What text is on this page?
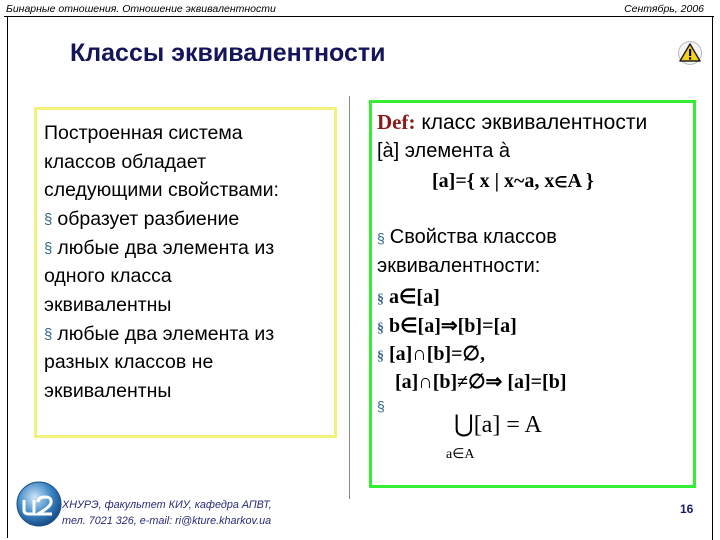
Бинарные отношения. Отношение эквивалентности	Сентябрь, 2006
Классы эквивалентности
Построенная система
классов обладает
следующими свойствами:
§ образует разбиение
§ любые два элемента из
одного класса
эквивалентны
§ любые два элемента из
разных классов не
эквивалентны
Def: класс эквивалентности
[à] элемента à
[a]={ x | x~a, x∈A }
§ Свойства классов
эквивалентности:
§ a∈[a]
§ b∈[a]⇒[b]=[a]
§ [a]∩[b]=∅,
[a]∩[b]≠∅⇒ [a]=[b]
§
⋃[a] = A
a∈A
ХНУРЭ, факультет КИУ, кафедра АПВТ,
тел. 7021 326, e-mail: ri@kture.kharkov.ua
16
